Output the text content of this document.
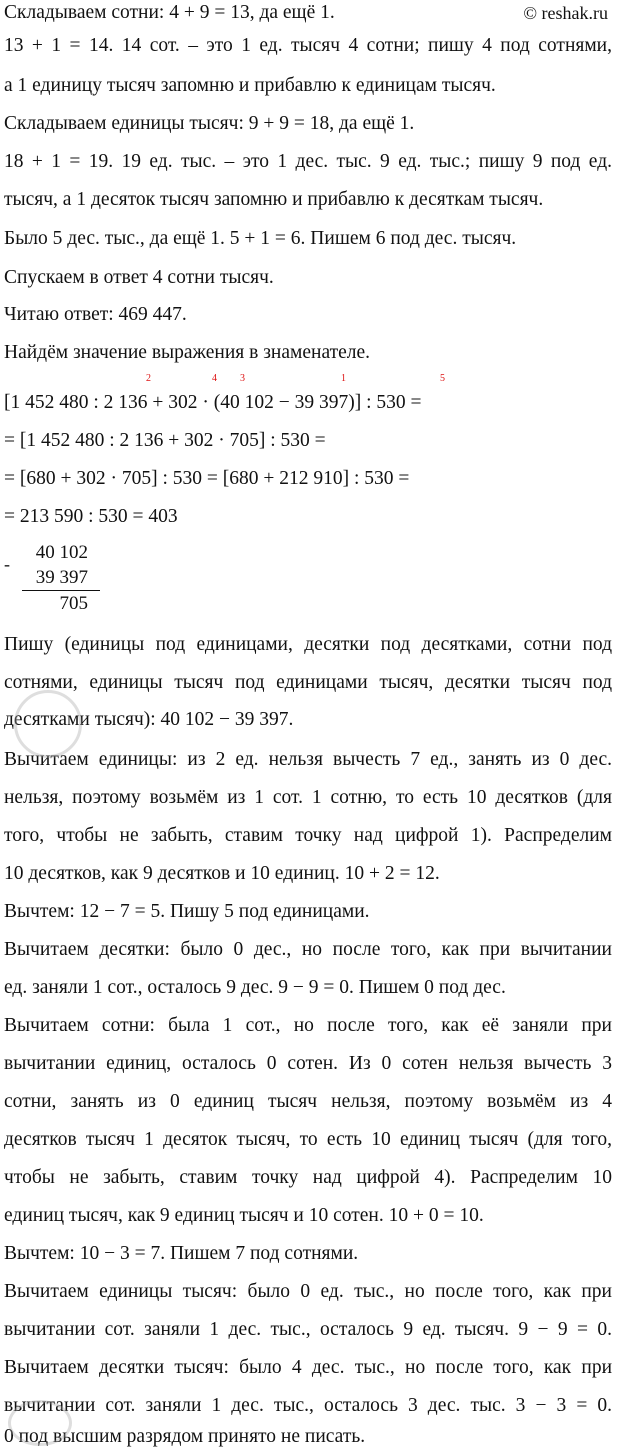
© reshak.ru
Складываем сотни: 4 + 9 = 13, да ещё 1.
13 + 1 = 14. 14 сот. – это 1 ед. тысяч 4 сотни; пишу 4 под сотнями,
а 1 единицу тысяч запомню и прибавлю к единицам тысяч.
Складываем единицы тысяч: 9 + 9 = 18, да ещё 1.
18 + 1 = 19. 19 ед. тыс. – это 1 дес. тыс. 9 ед. тыс.; пишу 9 под ед.
тысяч, а 1 десяток тысяч запомню и прибавлю к десяткам тысяч.
Было 5 дес. тыс., да ещё 1. 5 + 1 = 6. Пишем 6 под дес. тысяч.
Спускаем в ответ 4 сотни тысяч.
Читаю ответ: 469 447.
Найдём значение выражения в знаменателе.
2	4 3	1	5
[1 452 480 : 2 136 + 302 · (40 102 − 39 397)] : 530 =
= [1 452 480 : 2 136 + 302 · 705] : 530 =
= [680 + 302 · 705] : 530 = [680 + 212 910] : 530 =
= 213 590 : 530 = 403
-
40 102
39 397
705
Пишу (единицы под единицами, десятки под десятками, сотни под
сотнями, единицы тысяч под единицами тысяч, десятки тысяч под
десятками тысяч): 40 102 − 39 397.
Вычитаем единицы: из 2 ед. нельзя вычесть 7 ед., занять из 0 дес.
нельзя, поэтому возьмём из 1 сот. 1 сотню, то есть 10 десятков (для
того, чтобы не забыть, ставим точку над цифрой 1). Распределим
10 десятков, как 9 десятков и 10 единиц. 10 + 2 = 12.
Вычтем: 12 − 7 = 5. Пишу 5 под единицами.
Вычитаем десятки: было 0 дес., но после того, как при вычитании
ед. заняли 1 сот., осталось 9 дес. 9 − 9 = 0. Пишем 0 под дес.
Вычитаем сотни: была 1 сот., но после того, как её заняли при
вычитании единиц, осталось 0 сотен. Из 0 сотен нельзя вычесть 3
сотни, занять из 0 единиц тысяч нельзя, поэтому возьмём из 4
десятков тысяч 1 десяток тысяч, то есть 10 единиц тысяч (для того,
чтобы не забыть, ставим точку над цифрой 4). Распределим 10
единиц тысяч, как 9 единиц тысяч и 10 сотен. 10 + 0 = 10.
Вычтем: 10 − 3 = 7. Пишем 7 под сотнями.
Вычитаем единицы тысяч: было 0 ед. тыс., но после того, как при
вычитании сот. заняли 1 дес. тыс., осталось 9 ед. тысяч. 9 − 9 = 0.
Вычитаем десятки тысяч: было 4 дес. тыс., но после того, как при
вычитании сот. заняли 1 дес. тыс., осталось 3 дес. тыс. 3 − 3 = 0.
0 под высшим разрядом принято не писать.
